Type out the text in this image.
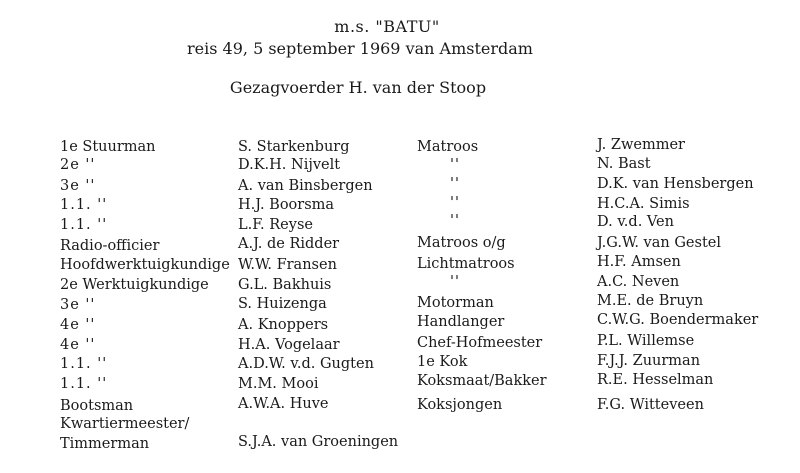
m.s. "BATU"
reis 49, 5 september 1969 van Amsterdam
Gezagvoerder H. van der Stoop
1e Stuurman	S. Starkenburg	Matroos	J. Zwemmer
2e ''	D.K.H. Nijvelt	''	N. Bast
3e ''	A. van Binsbergen	''	D.K. van Hensbergen
1.1. ''	H.J. Boorsma	''	H.C.A. Simis
1.1. ''	L.F. Reyse	''	D. v.d. Ven
Radio-officier	A.J. de Ridder	Matroos o/g	J.G.W. van Gestel
Hoofdwerktuigkundige W.W. Fransen	Lichtmatroos	H.F. Amsen
2e Werktuigkundige G.L. Bakhuis	''	A.C. Neven
3e ''	S. Huizenga	Motorman	M.E. de Bruyn
4e ''	A. Knoppers	Handlanger	C.W.G. Boendermaker
4e ''	H.A. Vogelaar	Chef-Hofmeester	P.L. Willemse
1.1. ''	A.D.W. v.d. Gugten	1e Kok	F.J.J. Zuurman
1.1. ''	M.M. Mooi	Koksmaat/Bakker	R.E. Hesselman
Bootsman	A.W.A. Huve	Koksjongen	F.G. Witteveen
Kwartiermeester/
Timmerman	S.J.A. van Groeningen
